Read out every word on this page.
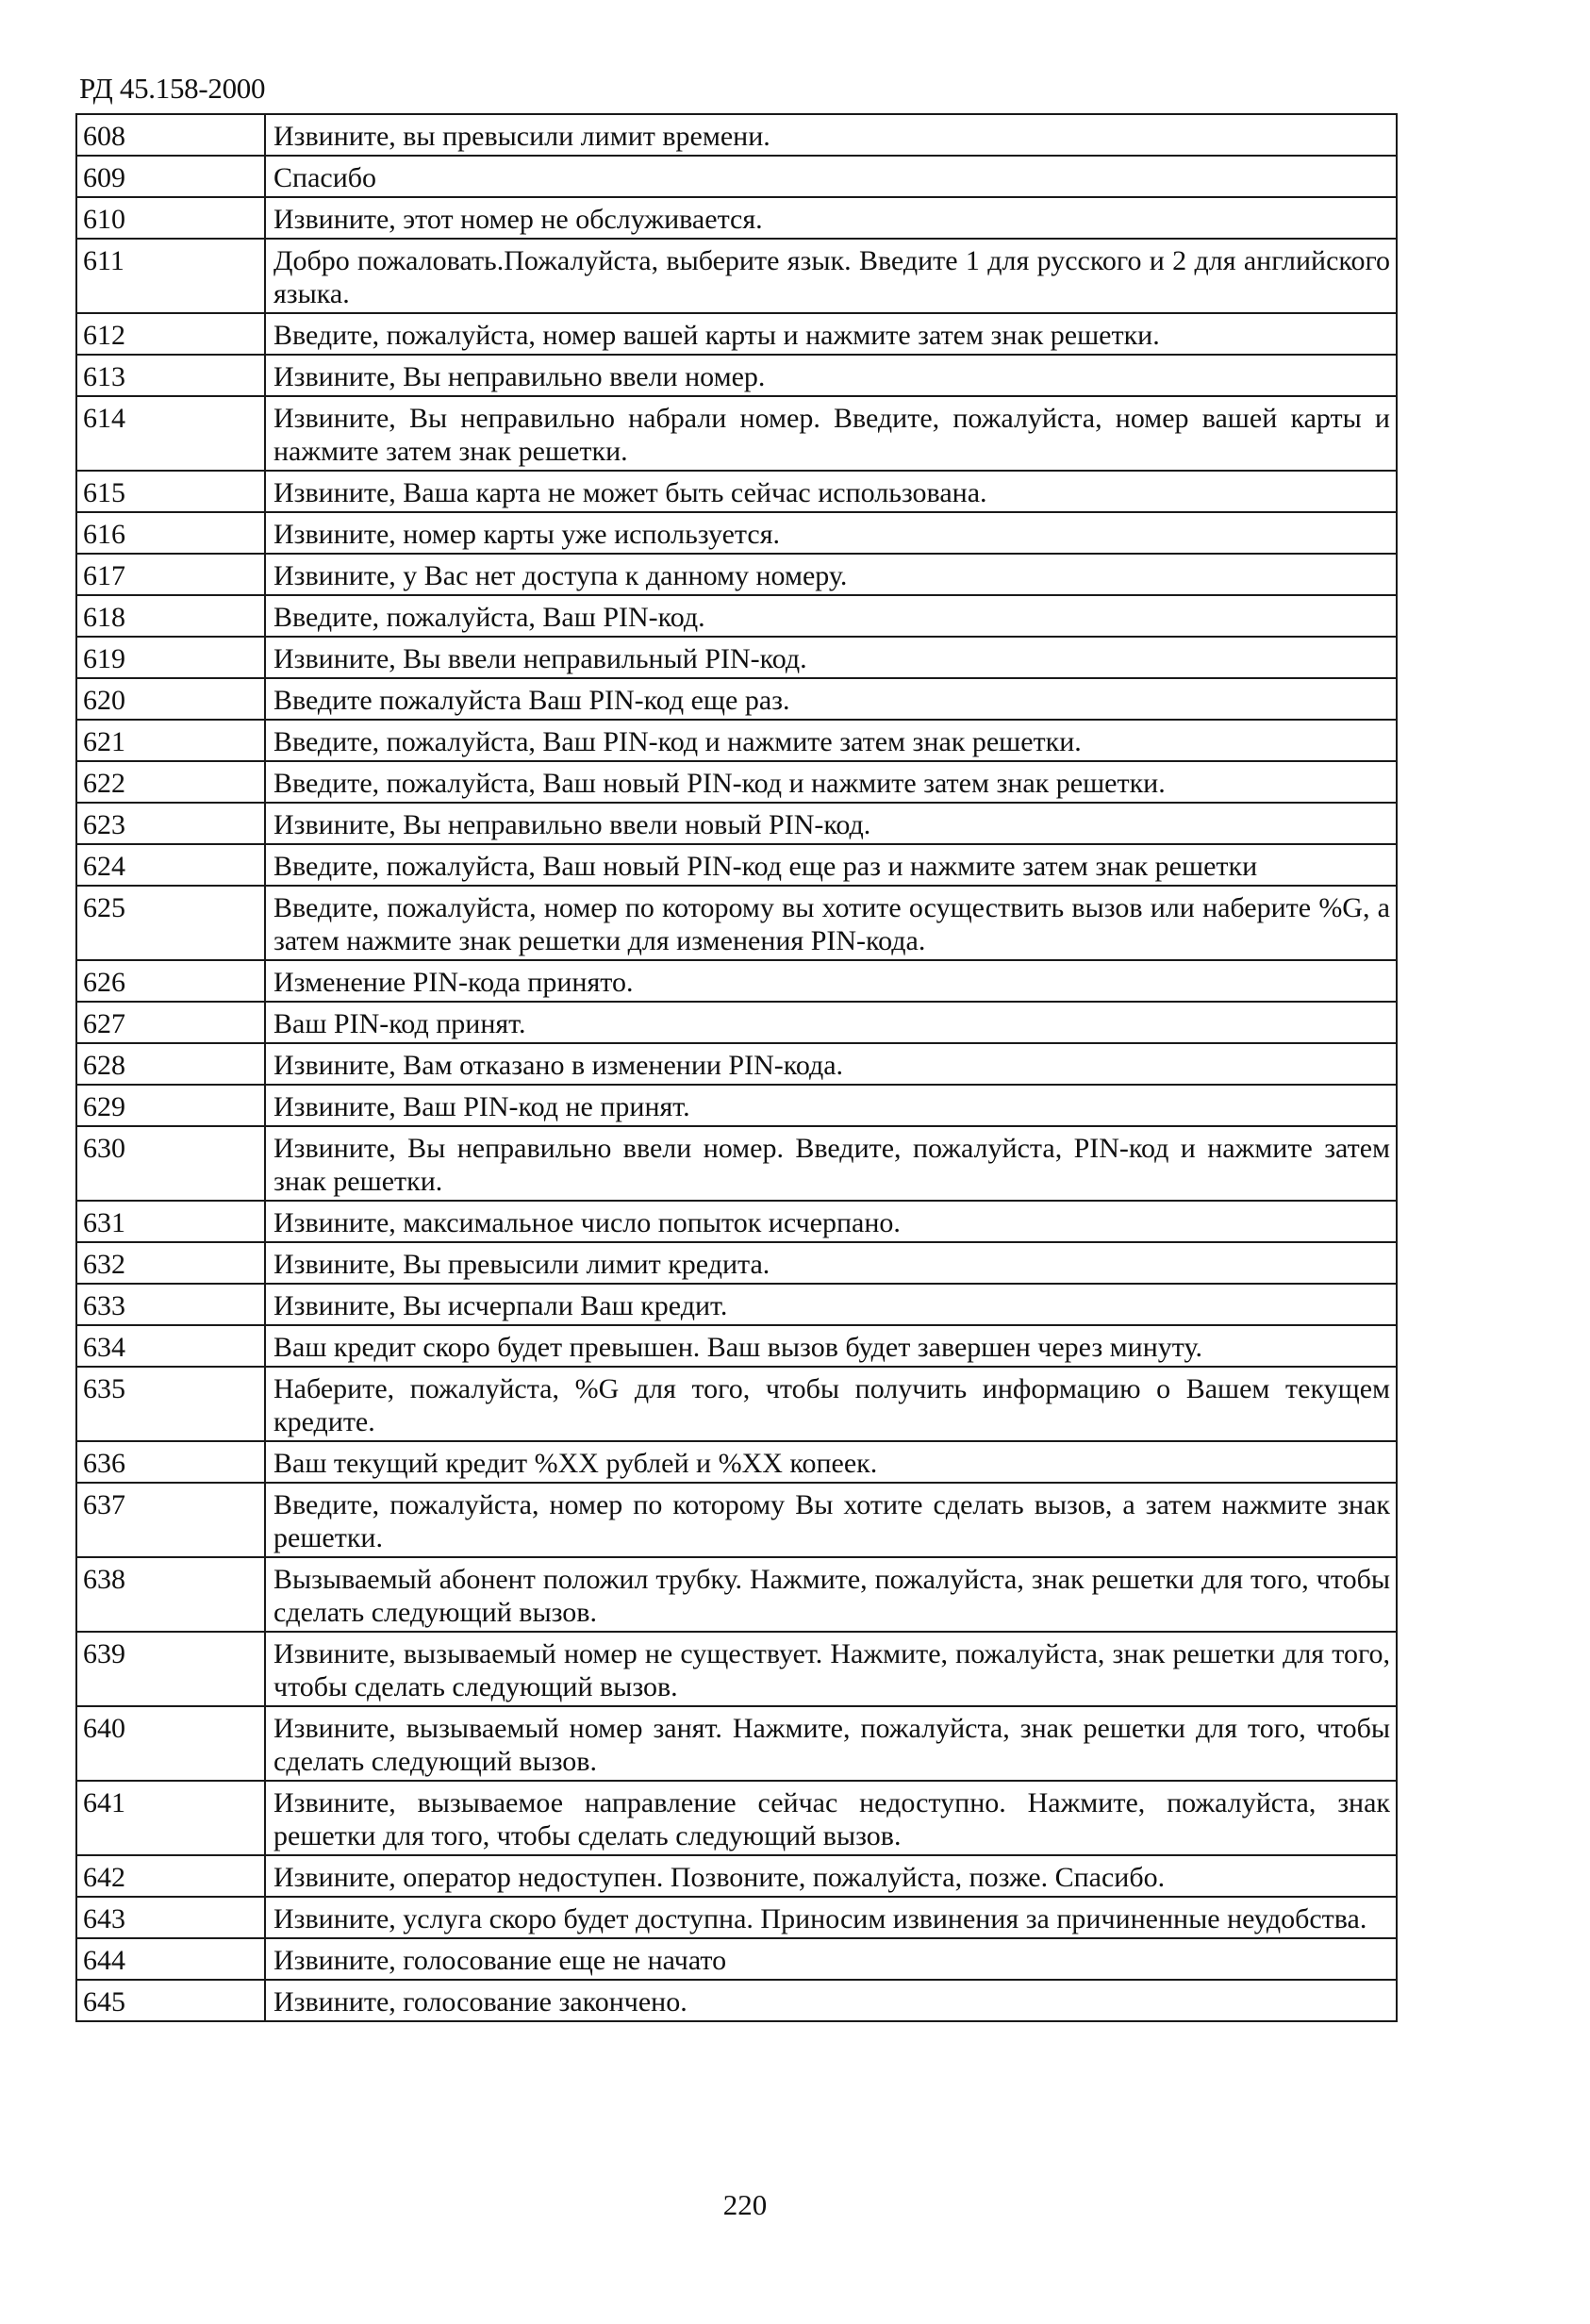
РД 45.158-2000
608	Извините, вы превысили лимит времени.
609	Спасибо
610	Извините, этот номер не обслуживается.
611	Добро пожаловать.Пожалуйста, выберите язык. Введите 1 для русского и 2 для английского языка.
612	Введите, пожалуйста, номер вашей карты и нажмите затем знак решетки.
613	Извините, Вы неправильно ввели номер.
614	Извините, Вы неправильно набрали номер. Введите, пожалуйста, номер вашей карты и нажмите затем знак решетки.
615	Извините, Ваша карта не может быть сейчас использована.
616	Извините, номер карты уже используется.
617	Извините, у Вас нет доступа к данному номеру.
618	Введите, пожалуйста, Ваш PIN-код.
619	Извините, Вы ввели неправильный PIN-код.
620	Введите пожалуйста Ваш PIN-код еще раз.
621	Введите, пожалуйста, Ваш PIN-код и нажмите затем знак решетки.
622	Введите, пожалуйста, Ваш новый PIN-код и нажмите затем знак решетки.
623	Извините, Вы неправильно ввели новый PIN-код.
624	Введите, пожалуйста, Ваш новый PIN-код еще раз и нажмите затем знак решетки
625	Введите, пожалуйста, номер по которому вы хотите осуществить вызов или наберите %G, а затем нажмите знак решетки для изменения PIN-кода.
626	Изменение PIN-кода принято.
627	Ваш PIN-код принят.
628	Извините, Вам отказано в изменении PIN-кода.
629	Извините, Ваш PIN-код не принят.
630	Извините, Вы неправильно ввели номер. Введите, пожалуйста, PIN-код и нажмите затем знак решетки.
631	Извините, максимальное число попыток исчерпано.
632	Извините, Вы превысили лимит кредита.
633	Извините, Вы исчерпали Ваш кредит.
634	Ваш кредит скоро будет превышен. Ваш вызов будет завершен через минуту.
635	Наберите, пожалуйста, %G для того, чтобы получить информацию о Вашем текущем кредите.
636	Ваш текущий кредит %XX рублей и %XX копеек.
637	Введите, пожалуйста, номер по которому Вы хотите сделать вызов, а затем нажмите знак решетки.
638	Вызываемый абонент положил трубку. Нажмите, пожалуйста, знак решетки для того, чтобы сделать следующий вызов.
639	Извините, вызываемый номер не существует. Нажмите, пожалуйста, знак решетки для того, чтобы сделать следующий вызов.
640	Извините, вызываемый номер занят. Нажмите, пожалуйста, знак решетки для того, чтобы сделать следующий вызов.
641	Извините, вызываемое направление сейчас недоступно. Нажмите, пожалуйста, знак решетки для того, чтобы сделать следующий вызов.
642	Извините, оператор недоступен. Позвоните, пожалуйста, позже. Спасибо.
643	Извините, услуга скоро будет доступна. Приносим извинения за причиненные неудобства.
644	Извините, голосование еще не начато
645	Извините, голосование закончено.
220
